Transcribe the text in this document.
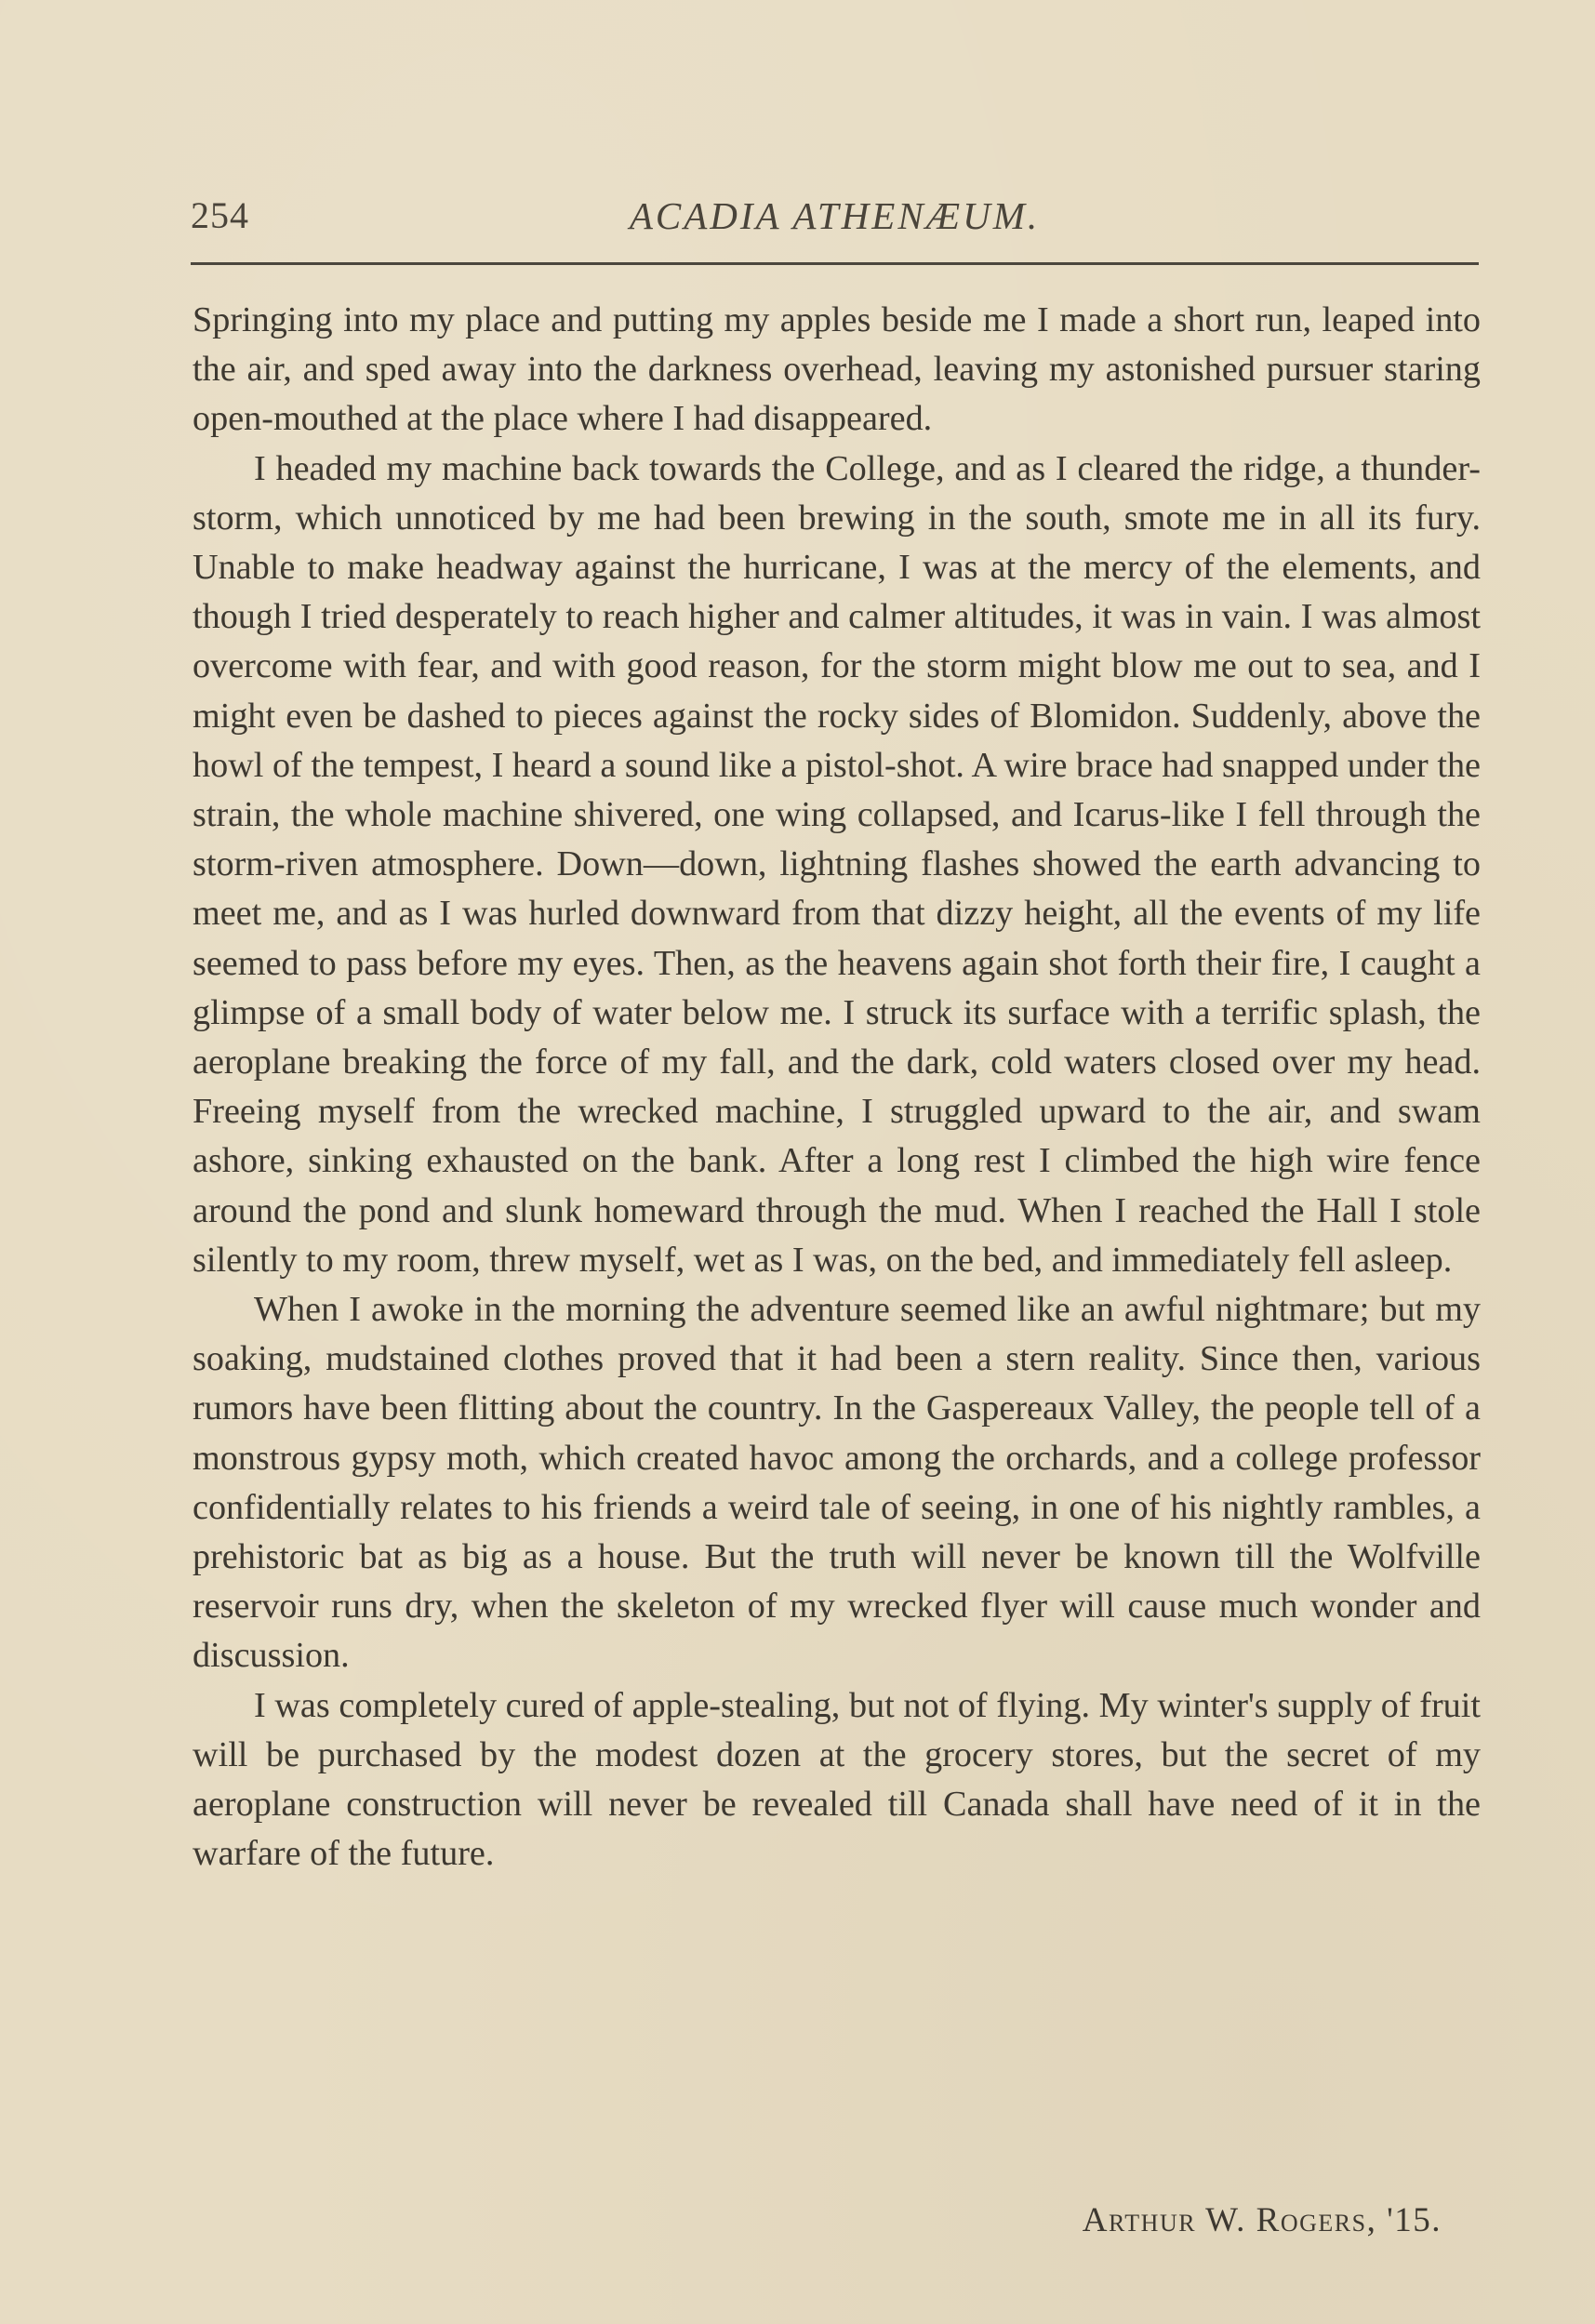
254	ACADIA ATHENÆUM.

Springing into my place and putting my apples beside me I made a short run, leaped into the air, and sped away into the darkness overhead, leaving my astonished pursuer staring open-mouthed at the place where I had disappeared.

I headed my machine back towards the College, and as I cleared the ridge, a thunder-storm, which unnoticed by me had been brewing in the south, smote me in all its fury. Unable to make headway against the hurricane, I was at the mercy of the elements, and though I tried desperately to reach higher and calmer altitudes, it was in vain. I was almost overcome with fear, and with good reason, for the storm might blow me out to sea, and I might even be dashed to pieces against the rocky sides of Blomidon. Suddenly, above the howl of the tempest, I heard a sound like a pistol-shot. A wire brace had snapped under the strain, the whole machine shivered, one wing collapsed, and Icarus-like I fell through the storm-riven atmosphere. Down—down, lightning flashes showed the earth advancing to meet me, and as I was hurled downward from that dizzy height, all the events of my life seemed to pass before my eyes. Then, as the heavens again shot forth their fire, I caught a glimpse of a small body of water below me. I struck its surface with a terrific splash, the aeroplane breaking the force of my fall, and the dark, cold waters closed over my head. Freeing myself from the wrecked machine, I struggled upward to the air, and swam ashore, sinking exhausted on the bank. After a long rest I climbed the high wire fence around the pond and slunk homeward through the mud. When I reached the Hall I stole silently to my room, threw myself, wet as I was, on the bed, and immediately fell asleep.

When I awoke in the morning the adventure seemed like an awful nightmare; but my soaking, mudstained clothes proved that it had been a stern reality. Since then, various rumors have been flitting about the country. In the Gaspereaux Valley, the people tell of a monstrous gypsy moth, which created havoc among the orchards, and a college professor confidentially relates to his friends a weird tale of seeing, in one of his nightly rambles, a prehistoric bat as big as a house. But the truth will never be known till the Wolfville reservoir runs dry, when the skeleton of my wrecked flyer will cause much wonder and discussion.

I was completely cured of apple-stealing, but not of flying. My winter's supply of fruit will be purchased by the modest dozen at the grocery stores, but the secret of my aeroplane construction will never be revealed till Canada shall have need of it in the warfare of the future.

Arthur W. Rogers, '15.
